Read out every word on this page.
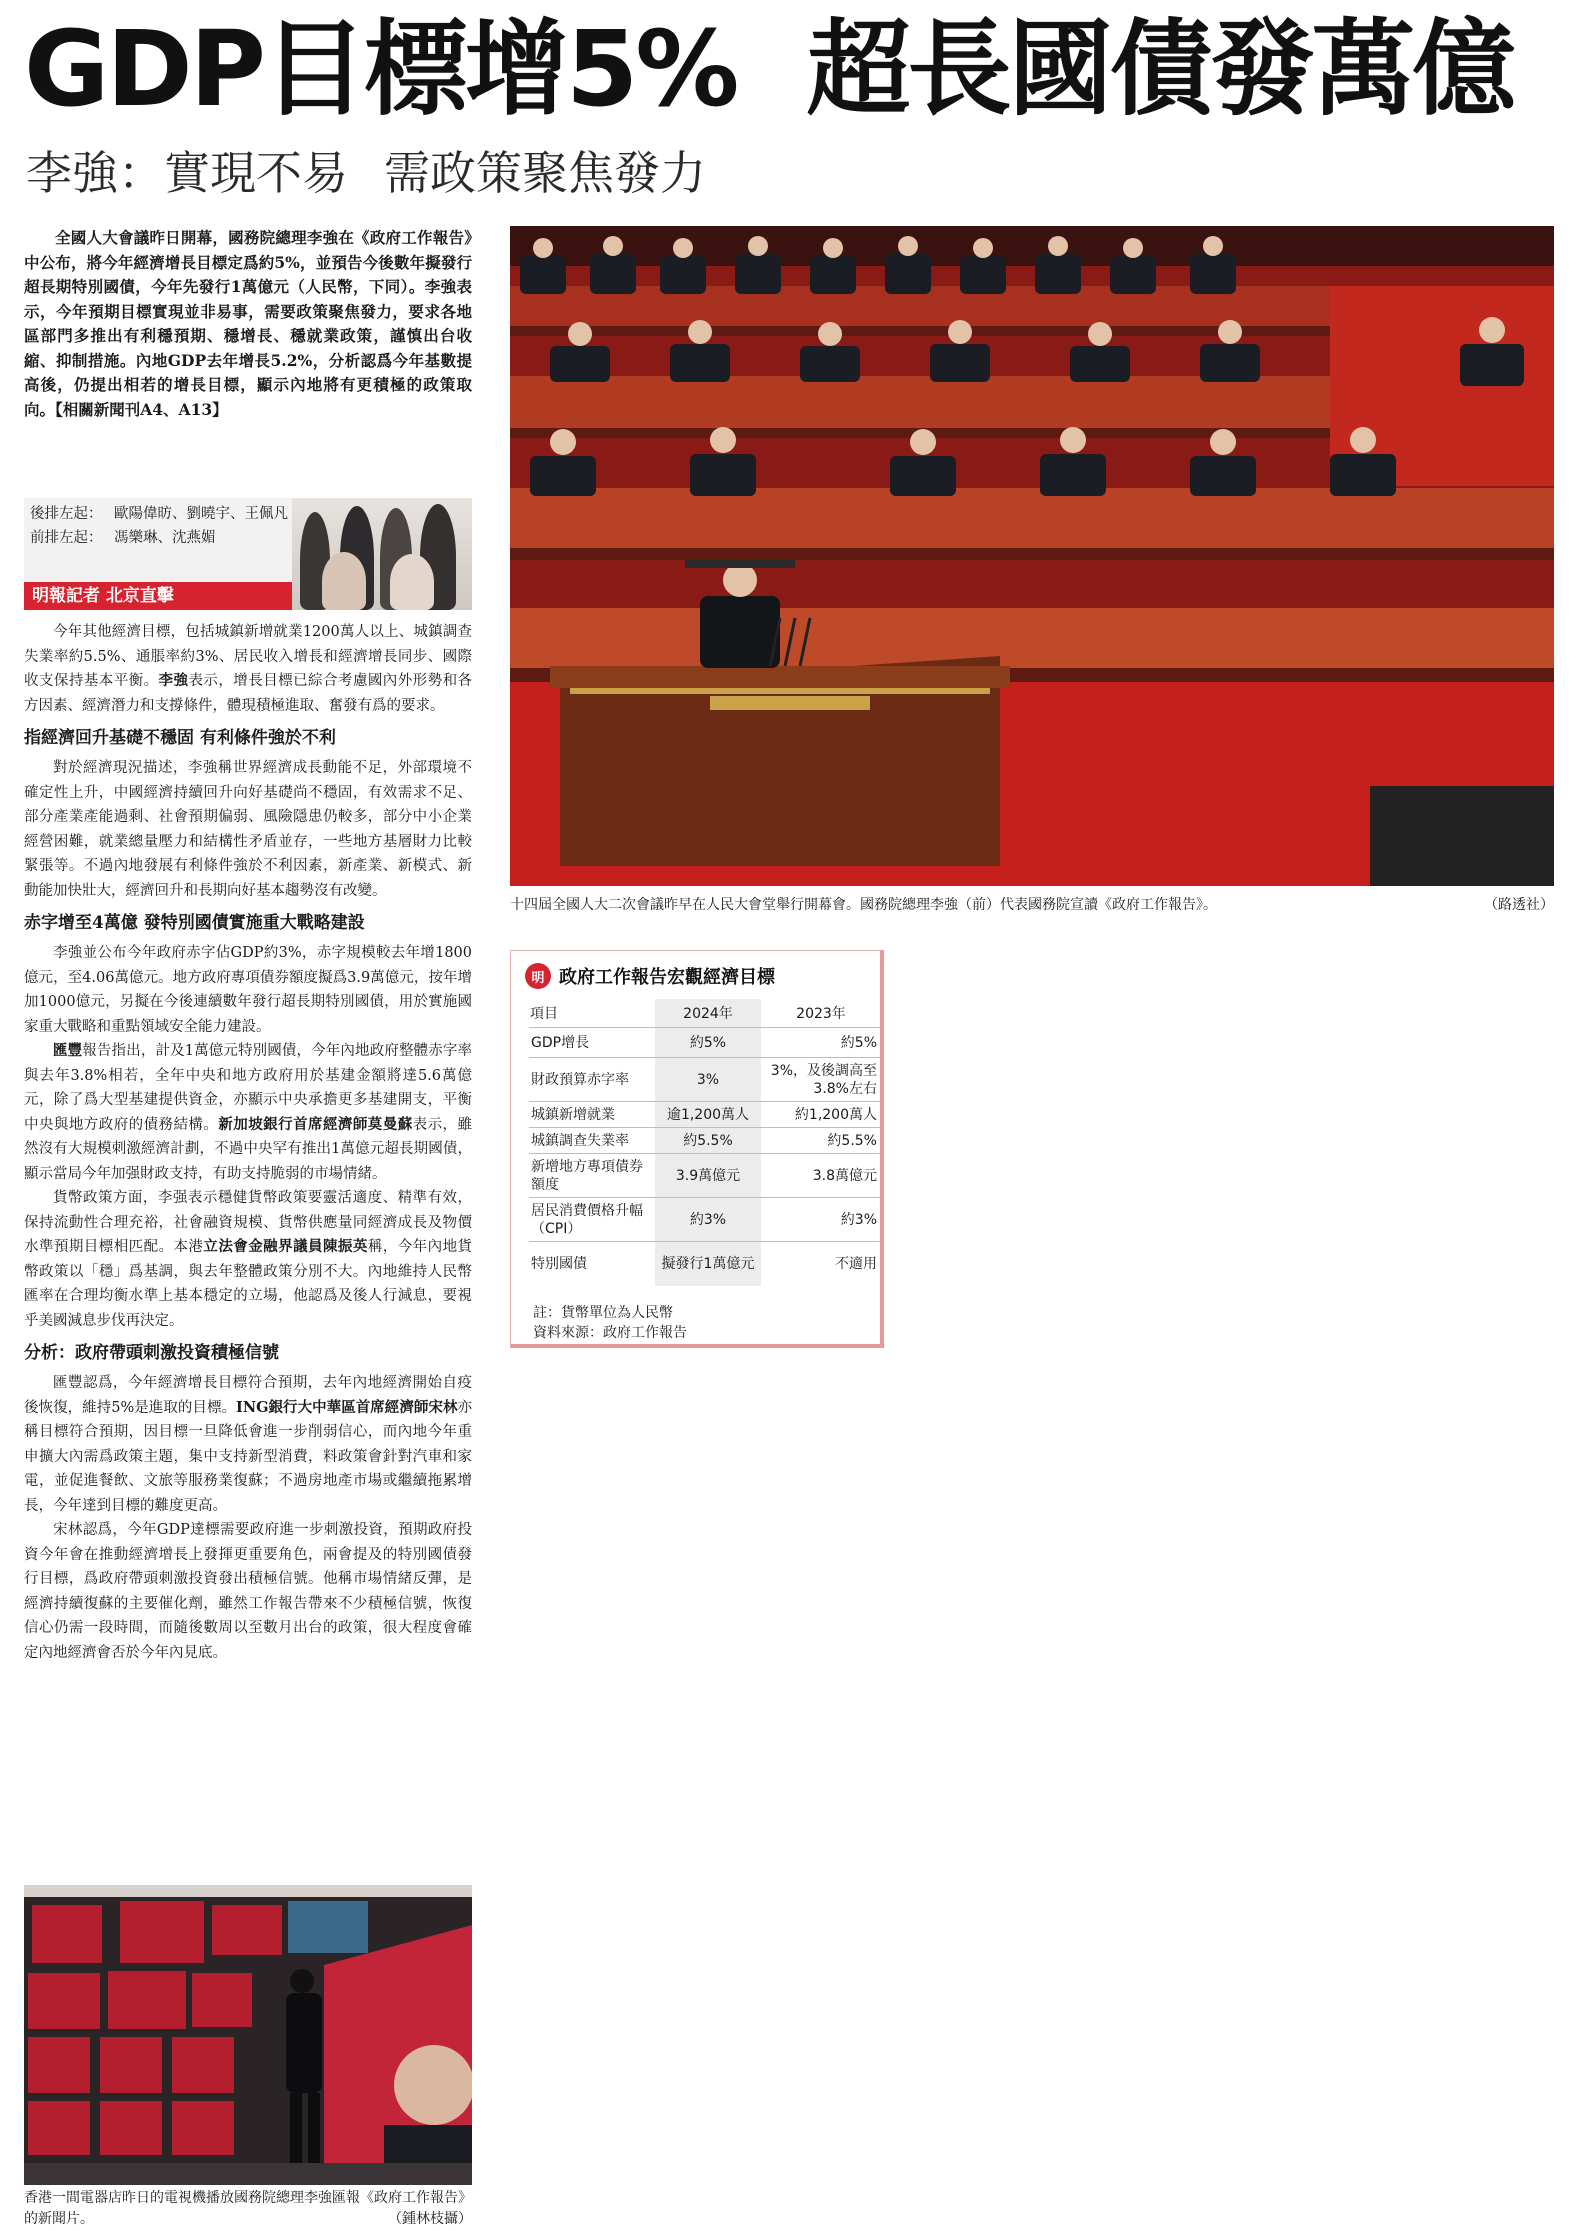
GDP目標增5% 超長國債發萬億
李強：實現不易 需政策聚焦發力

全國人大會議昨日開幕，國務院總理李強在《政府工作報告》中公布，將今年經濟增長目標定爲約5%，並預告今後數年擬發行超長期特別國債，今年先發行1萬億元（人民幣，下同）。李強表示，今年預期目標實現並非易事，需要政策聚焦發力，要求各地區部門多推出有利穩預期、穩增長、穩就業政策，謹慎出台收縮、抑制措施。內地GDP去年增長5.2%，分析認爲今年基數提高後，仍提出相若的增長目標，顯示內地將有更積極的政策取向。【相關新聞刊A4、A13】

後排左起： 歐陽偉昉、劉曉宇、王佩凡
前排左起： 馮樂琳、沈燕媚
明報記者 北京直擊

今年其他經濟目標，包括城鎮新增就業1200萬人以上、城鎮調查失業率約5.5%、通脹率約3%、居民收入增長和經濟增長同步、國際收支保持基本平衡。李強表示，增長目標已綜合考慮國內外形勢和各方因素、經濟潛力和支撐條件，體現積極進取、奮發有爲的要求。

指經濟回升基礎不穩固 有利條件強於不利

對於經濟現況描述，李強稱世界經濟成長動能不足，外部環境不確定性上升，中國經濟持續回升向好基礎尚不穩固，有效需求不足、部分產業產能過剩、社會預期偏弱、風險隱患仍較多，部分中小企業經營困難，就業總量壓力和結構性矛盾並存，一些地方基層財力比較緊張等。不過內地發展有利條件強於不利因素，新產業、新模式、新動能加快壯大，經濟回升和長期向好基本趨勢沒有改變。

赤字增至4萬億 發特別國債實施重大戰略建設

李強並公布今年政府赤字佔GDP約3%，赤字規模較去年增1800億元，至4.06萬億元。地方政府專項債券額度擬爲3.9萬億元，按年增加1000億元，另擬在今後連續數年發行超長期特別國債，用於實施國家重大戰略和重點領域安全能力建設。

匯豐報告指出，計及1萬億元特別國債，今年內地政府整體赤字率與去年3.8%相若，全年中央和地方政府用於基建金額將達5.6萬億元，除了爲大型基建提供資金，亦顯示中央承擔更多基建開支，平衡中央與地方政府的債務結構。新加坡銀行首席經濟師莫曼蘇表示，雖然沒有大規模刺激經濟計劃，不過中央罕有推出1萬億元超長期國債，顯示當局今年加强財政支持，有助支持脆弱的市場情緒。

貨幣政策方面，李强表示穩健貨幣政策要靈活適度、精準有效，保持流動性合理充裕，社會融資規模、貨幣供應量同經濟成長及物價水準預期目標相匹配。本港立法會金融界議員陳振英稱，今年內地貨幣政策以「穩」爲基調，與去年整體政策分別不大。內地維持人民幣匯率在合理均衡水準上基本穩定的立場，他認爲及後人行減息，要視乎美國減息步伐再決定。

分析：政府帶頭刺激投資積極信號

匯豐認爲，今年經濟增長目標符合預期，去年內地經濟開始自疫後恢復，維持5%是進取的目標。ING銀行大中華區首席經濟師宋林亦稱目標符合預期，因目標一旦降低會進一步削弱信心，而內地今年重申擴大內需爲政策主題，集中支持新型消費，料政策會針對汽車和家電，並促進餐飲、文旅等服務業復蘇；不過房地產市場或繼續拖累增長，今年達到目標的難度更高。

宋林認爲，今年GDP達標需要政府進一步刺激投資，預期政府投資今年會在推動經濟增長上發揮更重要角色，兩會提及的特別國債發行目標，爲政府帶頭刺激投資發出積極信號。他稱市場情緒反彈，是經濟持續復蘇的主要催化劑，雖然工作報告帶來不少積極信號，恢復信心仍需一段時間，而隨後數周以至數月出台的政策，很大程度會確定內地經濟會否於今年內見底。

十四屆全國人大二次會議昨早在人民大會堂舉行開幕會。國務院總理李強（前）代表國務院宣讀《政府工作報告》。	（路透社）
明 政府工作報告宏觀經濟目標
項目	2024年	2023年
GDP增長	約5%	約5%
財政預算赤字率	3%	3%，及後調高至3.8%左右
城鎮新增就業	逾1,200萬人	約1,200萬人
城鎮調查失業率	約5.5%	約5.5%
新增地方專項債券額度	3.9萬億元	3.8萬億元
居民消費價格升幅（CPI）	約3%	約3%
特別國債	擬發行1萬億元	不適用
註：貨幣單位為人民幣
資料來源：政府工作報告
香港一間電器店昨日的電視機播放國務院總理李強匯報《政府工作報告》的新聞片。	（鍾林枝攝）
